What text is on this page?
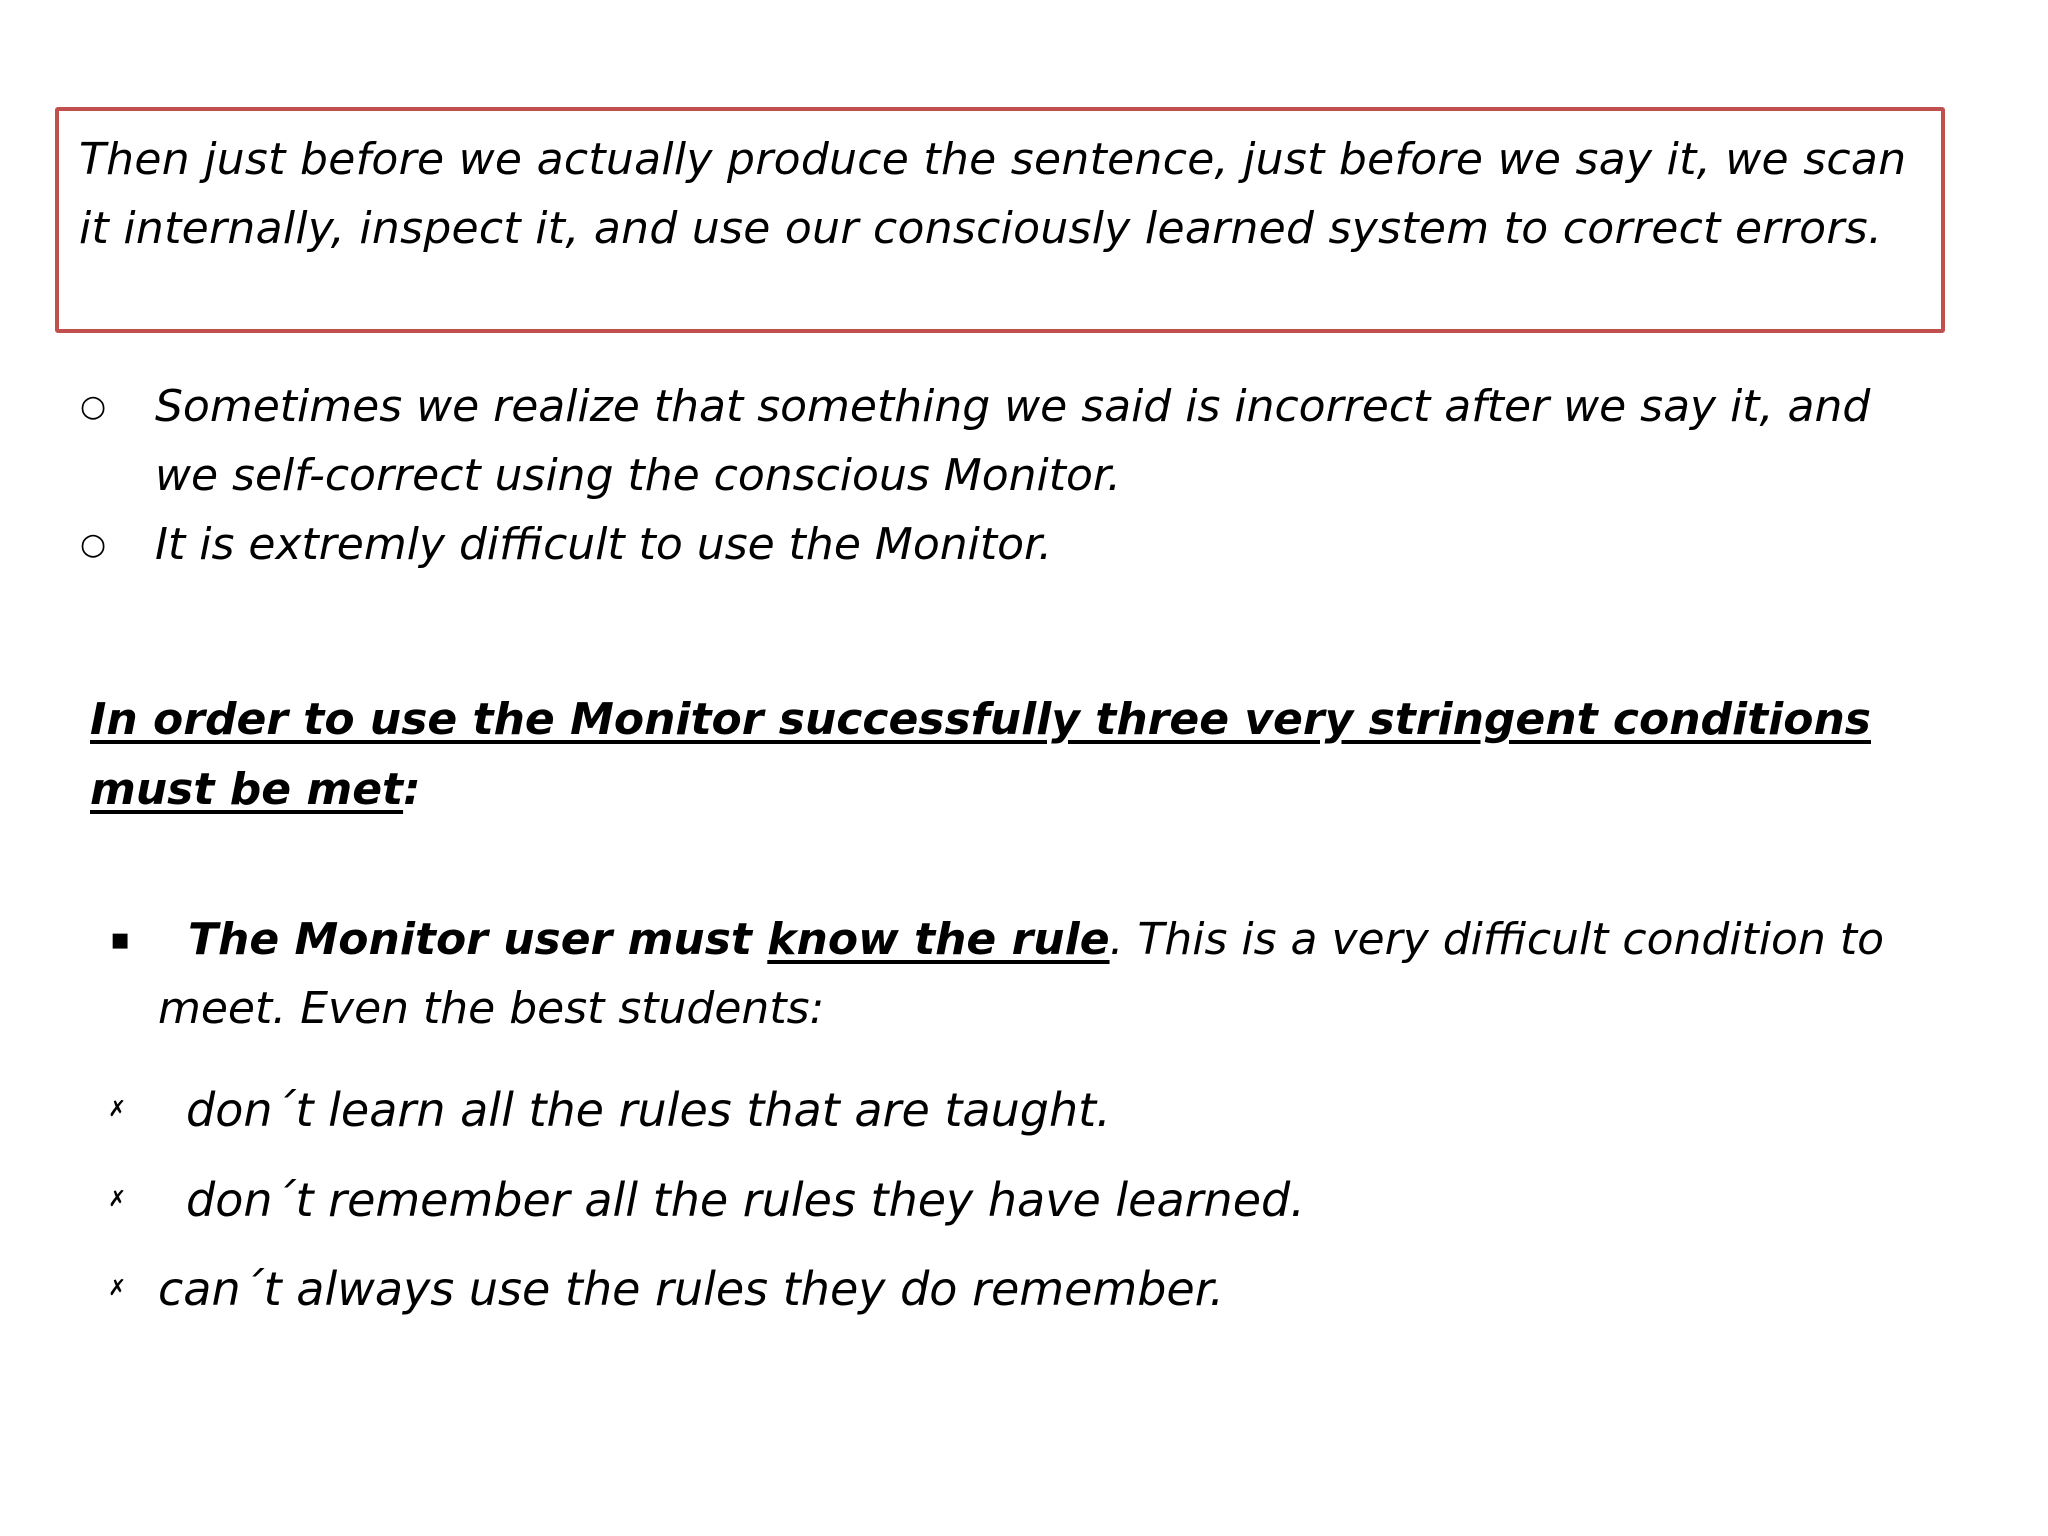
Then just before we actually produce the sentence, just before we say it, we scan it internally, inspect it, and use our consciously learned system to correct errors.

○ Sometimes we realize that something we said is incorrect after we say it, and we self-correct using the conscious Monitor.
○ It is extremly difficult to use the Monitor.
In order to use the Monitor successfully three very stringent conditions must be met:
▪	The Monitor user must know the rule. This is a very difficult condition to meet. Even the best students:
✗	don´t learn all the rules that are taught.
✗	don´t remember all the rules they have learned.
✗ can´t always use the rules they do remember.
